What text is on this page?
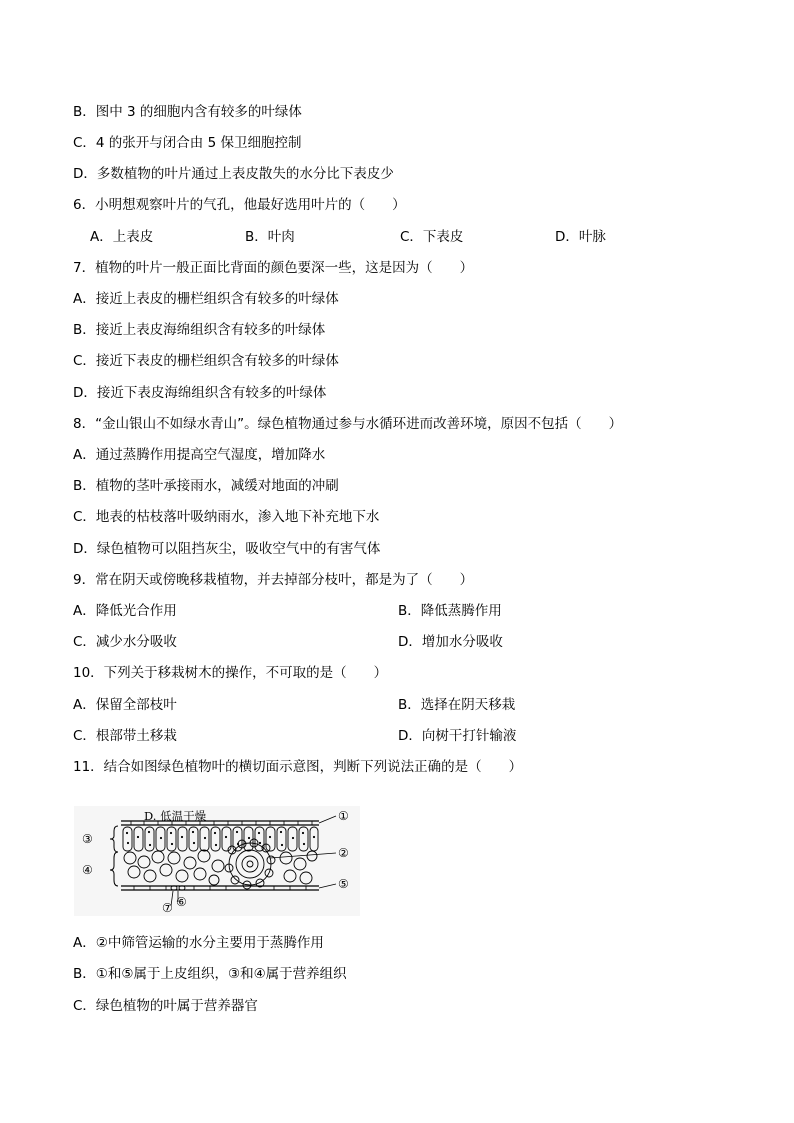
B．图中 3 的细胞内含有较多的叶绿体
C．4 的张开与闭合由 5 保卫细胞控制
D．多数植物的叶片通过上表皮散失的水分比下表皮少
6．小明想观察叶片的气孔，他最好选用叶片的（　　）
A．上表皮	B．叶肉	C．下表皮	D．叶脉
7．植物的叶片一般正面比背面的颜色要深一些，这是因为（　　）
A．接近上表皮的栅栏组织含有较多的叶绿体
B．接近上表皮海绵组织含有较多的叶绿体
C．接近下表皮的栅栏组织含有较多的叶绿体
D．接近下表皮海绵组织含有较多的叶绿体
8．“金山银山不如绿水青山”。绿色植物通过参与水循环进而改善环境，原因不包括（　　）
A．通过蒸腾作用提高空气湿度，增加降水
B．植物的茎叶承接雨水，减缓对地面的冲刷
C．地表的枯枝落叶吸纳雨水，渗入地下补充地下水
D．绿色植物可以阻挡灰尘，吸收空气中的有害气体
9．常在阴天或傍晚移栽植物，并去掉部分枝叶，都是为了（　　）
A．降低光合作用	B．降低蒸腾作用
C．减少水分吸收	D．增加水分吸收
10．下列关于移栽树木的操作，不可取的是（　　）
A．保留全部枝叶	B．选择在阴天移栽
C．根部带土移栽	D．向树干打针输液
11．结合如图绿色植物叶的横切面示意图，判断下列说法正确的是（　　）
D. 低温干燥	①
②
③
④
⑤
⑥
⑦
A．②中筛管运输的水分主要用于蒸腾作用
B．①和⑤属于上皮组织，③和④属于营养组织
C．绿色植物的叶属于营养器官
